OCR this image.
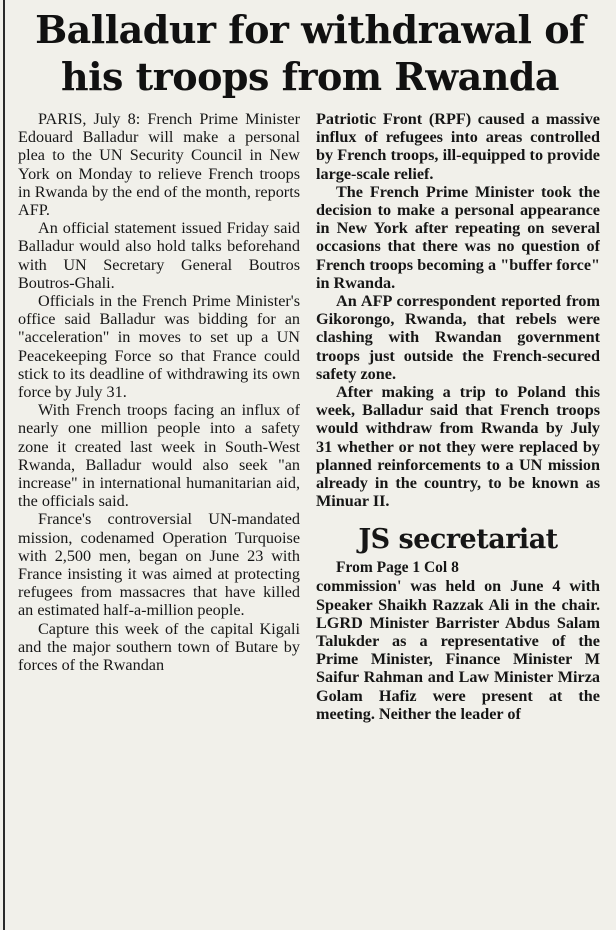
Balladur for withdrawal of his troops from Rwanda

PARIS, July 8: French Prime Minister Edouard Balladur will make a personal plea to the UN Security Council in New York on Monday to relieve French troops in Rwanda by the end of the month, reports AFP.

An official statement issued Friday said Balladur would also hold talks beforehand with UN Secretary General Boutros Boutros-Ghali.

Officials in the French Prime Minister's office said Balladur was bidding for an "acceleration" in moves to set up a UN Peacekeeping Force so that France could stick to its deadline of withdrawing its own force by July 31.

With French troops facing an influx of nearly one million people into a safety zone it created last week in South-West Rwanda, Balladur would also seek "an increase" in international humanitarian aid, the officials said.

France's controversial UN-mandated mission, codenamed Operation Turquoise with 2,500 men, began on June 23 with France insisting it was aimed at protecting refugees from massacres that have killed an estimated half-a-million people.

Capture this week of the capital Kigali and the major southern town of Butare by forces of the Rwandan

Patriotic Front (RPF) caused a massive influx of refugees into areas controlled by French troops, ill-equipped to provide large-scale relief.

The French Prime Minister took the decision to make a personal appearance in New York after repeating on several occasions that there was no question of French troops becoming a "buffer force" in Rwanda.

An AFP correspondent reported from Gikorongo, Rwanda, that rebels were clashing with Rwandan government troops just outside the French-secured safety zone.

After making a trip to Poland this week, Balladur said that French troops would withdraw from Rwanda by July 31 whether or not they were replaced by planned reinforcements to a UN mission already in the country, to be known as Minuar II.

JS secretariat

From Page 1 Col 8

commission' was held on June 4 with Speaker Shaikh Razzak Ali in the chair. LGRD Minister Barrister Abdus Salam Talukder as a representative of the Prime Minister, Finance Minister M Saifur Rahman and Law Minister Mirza Golam Hafiz were present at the meeting. Neither the leader of
